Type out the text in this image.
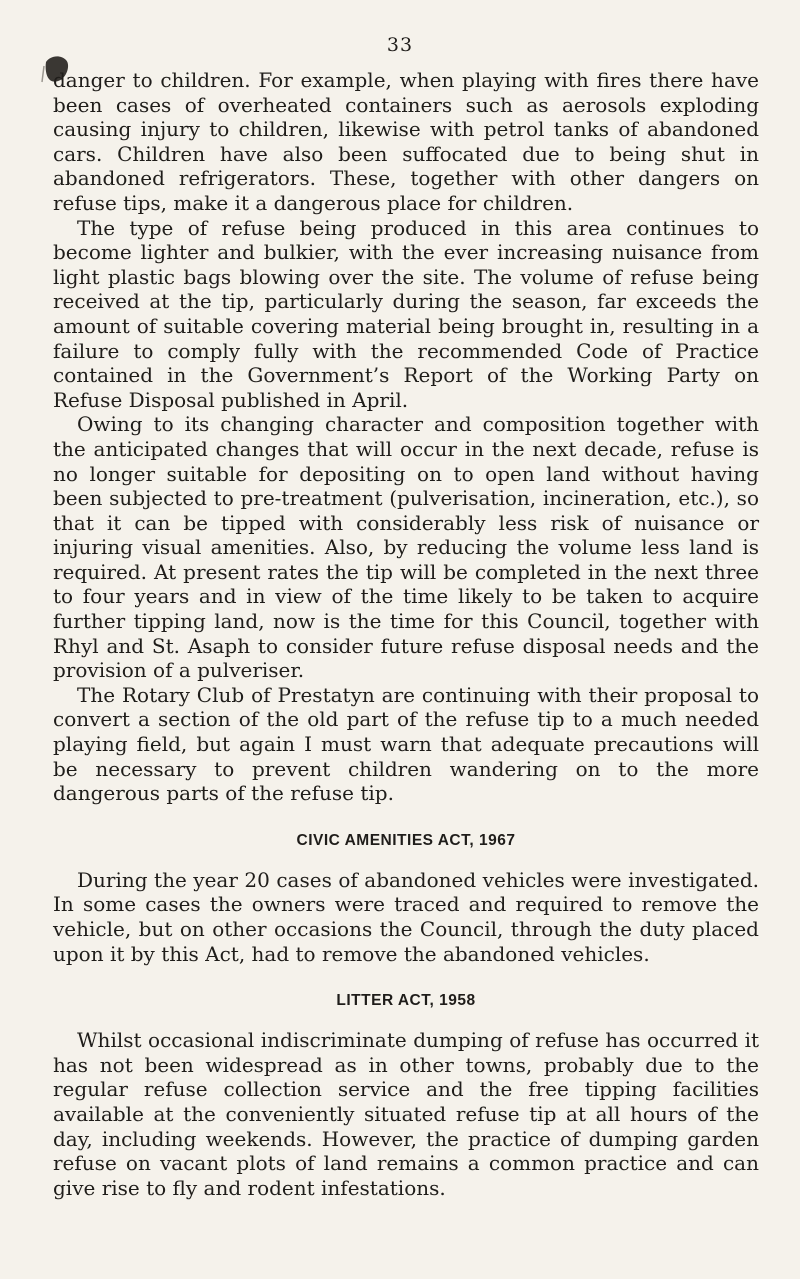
33

danger to children. For example, when playing with fires there have been cases of overheated containers such as aerosols exploding causing injury to children, likewise with petrol tanks of abandoned cars. Children have also been suffocated due to being shut in abandoned refrigerators. These, together with other dangers on refuse tips, make it a dangerous place for children.

The type of refuse being produced in this area continues to become lighter and bulkier, with the ever increasing nuisance from light plastic bags blowing over the site. The volume of refuse being received at the tip, particularly during the season, far exceeds the amount of suitable covering material being brought in, resulting in a failure to comply fully with the recommended Code of Practice contained in the Government’s Report of the Working Party on Refuse Disposal published in April.

Owing to its changing character and composition together with the anticipated changes that will occur in the next decade, refuse is no longer suitable for depositing on to open land without having been subjected to pre-treatment (pulverisation, incineration, etc.), so that it can be tipped with considerably less risk of nuisance or injuring visual amenities. Also, by reducing the volume less land is required. At present rates the tip will be completed in the next three to four years and in view of the time likely to be taken to acquire further tipping land, now is the time for this Council, together with Rhyl and St. Asaph to consider future refuse disposal needs and the provision of a pulveriser.

The Rotary Club of Prestatyn are continuing with their proposal to convert a section of the old part of the refuse tip to a much needed playing field, but again I must warn that adequate precautions will be necessary to prevent children wandering on to the more dangerous parts of the refuse tip.

CIVIC AMENITIES ACT, 1967

During the year 20 cases of abandoned vehicles were investigated. In some cases the owners were traced and required to remove the vehicle, but on other occasions the Council, through the duty placed upon it by this Act, had to remove the abandoned vehicles.

LITTER ACT, 1958

Whilst occasional indiscriminate dumping of refuse has occurred it has not been widespread as in other towns, probably due to the regular refuse collection service and the free tipping facilities available at the conveniently situated refuse tip at all hours of the day, including weekends. However, the practice of dumping garden refuse on vacant plots of land remains a common practice and can give rise to fly and rodent infestations.
